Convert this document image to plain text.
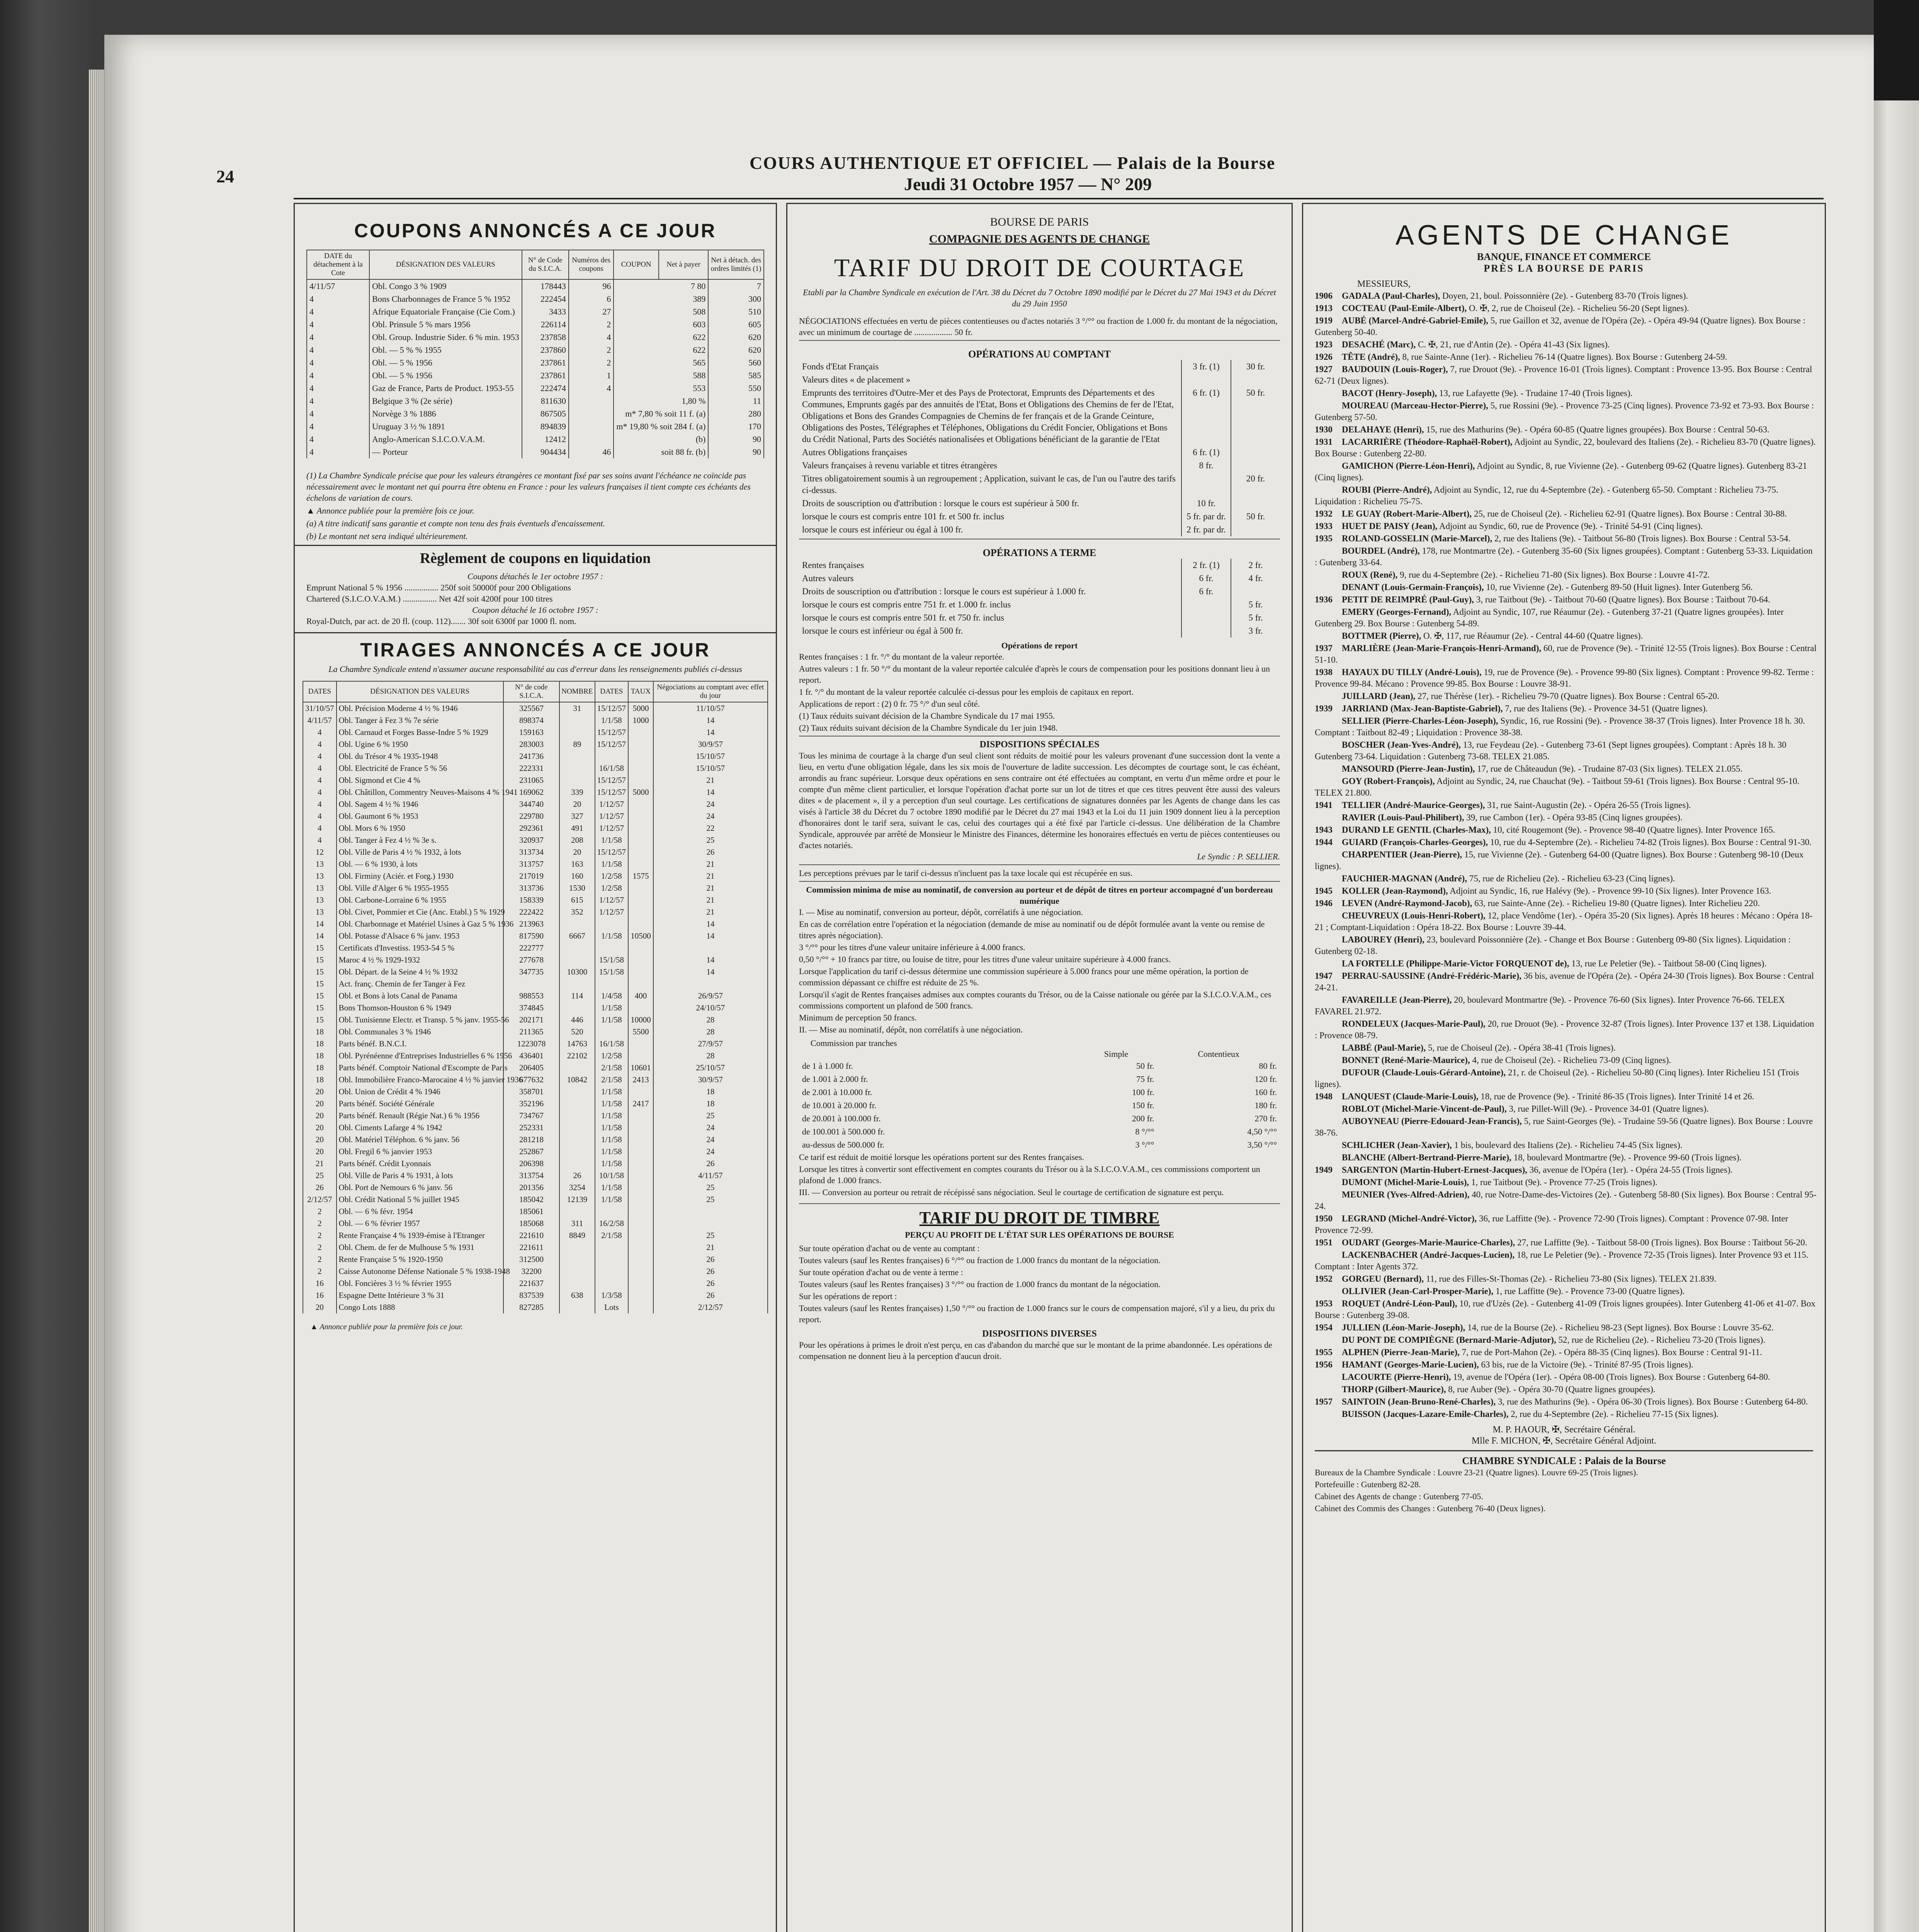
24
COURS AUTHENTIQUE ET OFFICIEL — Palais de la Bourse
Jeudi 31 Octobre 1957 — N° 209
COUPONS ANNONCÉS A CE JOUR
DATE du détachement à la Cote	DÉSIGNATION DES VALEURS	N° de Code du S.I.C.A.	Numéros des coupons	COUPON	Net à payer	Net à détach. des ordres limités (1)
4/11/57	Obl. Congo 3 % 1909	178443	96	7 80		7
4	Bons Charbonnages de France 5 % 1952	222454	6	389		300
4	Afrique Equatoriale Française (Cie Com.)	3433	27	508		510
4	Obl. Prinsule 5 % mars 1956	226114	2	603		605
4	Obl. Group. Industrie Sider. 6 % min. 1953	237858	4	622		620
4	Obl. — 5 % % 1955	237860	2	622		620
4	Obl. — 5 % 1956	237861	2	565		560
4	Obl. — 5 % 1956	237861	1	588		585
4	Gaz de France, Parts de Product. 1953-55	222474	4	553		550
4	Belgique 3 % (2e série)	811630		1,80 %		11
4	Norvège 3 % 1886	867505		m* 7,80 % soit 11 f. (a)		280
4	Uruguay 3 ½ % 1891	894839		m* 19,80 % soit 284 f. (a)		170
4	Anglo-American S.I.C.O.V.A.M.	12412		(b)		90
4	— Porteur	904434	46	soit 88 fr. (b)		90
(1) La Chambre Syndicale précise que pour les valeurs étrangères ce montant fixé par ses soins avant l'échéance ne coïncide pas nécessairement avec le montant net qui pourra être obtenu en France : pour les valeurs françaises il tient compte ces échéants des échelons de variation de cours.
▲ Annonce publiée pour la première fois ce jour.
(a) A titre indicatif sans garantie et compte non tenu des frais éventuels d'encaissement.
(b) Le montant net sera indiqué ultérieurement.
Règlement de coupons en liquidation
Coupons détachés le 1er octobre 1957 :
Emprunt National 5 % 1956 ................ 250f soit 50000f pour 200 Obligations
Chartered (S.I.C.O.V.A.M.) ................ Net 42f soit 4200f pour 100 titres
Coupon détaché le 16 octobre 1957 :
Royal-Dutch, par act. de 20 fl. (coup. 112)....... 30f soit 6300f par 1000 fl. nom.
TIRAGES ANNONCÉS A CE JOUR
La Chambre Syndicale entend n'assumer aucune responsabilité au cas d'erreur dans les renseignements publiés ci-dessus
DATES	DÉSIGNATION DES VALEURS	N° de code S.I.C.A.	NOMBRE	DATES	TAUX	Négociations au comptant avec effet du jour
31/10/57	Obl. Précision Moderne 4 ½ % 1946	325567	31	15/12/57	5000	11/10/57
4/11/57	Obl. Tanger à Fez 3 % 7e série	898374		1/1/58	1000	14
4	Obl. Carnaud et Forges Basse-Indre 5 % 1929	159163		15/12/57		14
4	Obl. Ugine 6 % 1950	283003	89	15/12/57		30/9/57
4	Obl. du Trésor 4 % 1935-1948	241736				15/10/57
4	Obl. Electricité de France 5 % 56	222331		16/1/58		15/10/57
4	Obl. Sigmond et Cie 4 %	231065		15/12/57		21
4	Obl. Châtillon, Commentry Neuves-Maisons 4 % 1941	169062	339	15/12/57	5000	14
4	Obl. Sagem 4 ½ % 1946	344740	20	1/12/57		24
4	Obl. Gaumont 6 % 1953	229780	327	1/12/57		24
4	Obl. Mors 6 % 1950	292361	491	1/12/57		22
4	Obl. Tanger à Fez 4 ½ % 3e s.	320937	208	1/1/58		25
12	Obl. Ville de Paris 4 ½ % 1932, à lots	313734	20	15/12/57		26
13	Obl. — 6 % 1930, à lots	313757	163	1/1/58		21
13	Obl. Firminy (Aciér. et Forg.) 1930	217019	160	1/2/58	1575	21
13	Obl. Ville d'Alger 6 % 1955-1955	313736	1530	1/2/58		21
13	Obl. Carbone-Lorraine 6 % 1955	158339	615	1/12/57		21
13	Obl. Civet, Pommier et Cie (Anc. Etabl.) 5 % 1929	222422	352	1/12/57		21
14	Obl. Charbonnage et Matériel Usines à Gaz 5 % 1936	213963				14
14	Obl. Potasse d'Alsace 6 % janv. 1953	817590	6667	1/1/58	10500	14
15	Certificats d'Investiss. 1953-54 5 %	222777				
15	Maroc 4 ½ % 1929-1932	277678		15/1/58		14
15	Obl. Départ. de la Seine 4 ½ % 1932	347735	10300	15/1/58		14
15	Act. franç. Chemin de fer Tanger à Fez					
15	Obl. et Bons à lots Canal de Panama	988553	114	1/4/58	400	26/9/57
15	Bons Thomson-Houston 6 % 1949	374845		1/1/58		24/10/57
15	Obl. Tunisienne Electr. et Transp. 5 % janv. 1955-56	202171	446	1/1/58	10000	28
18	Obl. Communales 3 % 1946	211365	520		5500	28
18	Parts bénéf. B.N.C.I.	1223078	14763	16/1/58		27/9/57
18	Obl. Pyrénéenne d'Entreprises Industrielles 6 % 1956	436401	22102	1/2/58		28
18	Parts bénéf. Comptoir National d'Escompte de Paris	206405		2/1/58	10601	25/10/57
18	Obl. Immobilière Franco-Marocaine 4 ½ % janvier 1936	677632	10842	2/1/58	2413	30/9/57
20	Obl. Union de Crédit 4 % 1946	358701		1/1/58		18
20	Parts bénéf. Société Générale	352196		1/1/58	2417	18
20	Parts bénéf. Renault (Régie Nat.) 6 % 1956	734767		1/1/58		25
20	Obl. Ciments Lafarge 4 % 1942	252331		1/1/58		24
20	Obl. Matériel Téléphon. 6 % janv. 56	281218		1/1/58		24
20	Obl. Fregil 6 % janvier 1953	252867		1/1/58		24
21	Parts bénéf. Crédit Lyonnais	206398		1/1/58		26
25	Obl. Ville de Paris 4 % 1931, à lots	313754	26	10/1/58		4/11/57
26	Obl. Port de Nemours 6 % janv. 56	201356	3254	1/1/58		25
2/12/57	Obl. Crédit National 5 % juillet 1945	185042	12139	1/1/58		25
2	Obl. — 6 % févr. 1954	185061				
2	Obl. — 6 % février 1957	185068	311	16/2/58		
2	Rente Française 4 % 1939-émise à l'Etranger	221610	8849	2/1/58		25
2	Obl. Chem. de fer de Mulhouse 5 % 1931	221611				21
2	Rente Française 5 % 1920-1950	312500				26
2	Caisse Autonome Défense Nationale 5 % 1938-1948	32200				26
16	Obl. Foncières 3 ½ % février 1955	221637				26
16	Espagne Dette Intérieure 3 % 31	837539	638	1/3/58		26
20	Congo Lots 1888	827285		Lots		2/12/57
▲ Annonce publiée pour la première fois ce jour.
BOURSE DE PARIS
COMPAGNIE DES AGENTS DE CHANGE
TARIF DU DROIT DE COURTAGE
Etabli par la Chambre Syndicale en exécution de l'Art. 38 du Décret du 7 Octobre 1890 modifié par le Décret du 27 Mai 1943 et du Décret du 29 Juin 1950
NÉGOCIATIONS effectuées en vertu de pièces contentieuses ou d'actes notariés 3 °/°° ou fraction de 1.000 fr. du montant de la négociation, avec un minimum de courtage de .................. 50 fr.
OPÉRATIONS AU COMPTANT
Fonds d'Etat Français	3 fr. (1)	30 fr.
Valeurs dites « de placement »		
Emprunts des territoires d'Outre-Mer et des Pays de Protectorat, Emprunts des Départements et des Communes, Emprunts gagés par des annuités de l'Etat, Bons et Obligations des Chemins de fer de l'Etat, Obligations et Bons des Grandes Compagnies de Chemins de fer français et de la Grande Ceinture, Obligations des Postes, Télégraphes et Téléphones, Obligations du Crédit Foncier, Obligations et Bons du Crédit National, Parts des Sociétés nationalisées et Obligations bénéficiant de la garantie de l'Etat	6 fr. (1)	50 fr.
Autres Obligations françaises	6 fr. (1)	
Valeurs françaises à revenu variable et titres étrangères	8 fr.	
Titres obligatoirement soumis à un regroupement ; Application, suivant le cas, de l'un ou l'autre des tarifs ci-dessus.		20 fr.
Droits de souscription ou d'attribution : lorsque le cours est supérieur à 500 fr.	10 fr.	
lorsque le cours est compris entre 101 fr. et 500 fr. inclus	5 fr. par dr.	50 fr.
lorsque le cours est inférieur ou égal à 100 fr.	2 fr. par dr.	
OPÉRATIONS A TERME
Rentes françaises	2 fr. (1)	2 fr.
Autres valeurs	6 fr.	4 fr.
Droits de souscription ou d'attribution : lorsque le cours est supérieur à 1.000 fr.	6 fr.	
lorsque le cours est compris entre 751 fr. et 1.000 fr. inclus		5 fr.
lorsque le cours est compris entre 501 fr. et 750 fr. inclus		5 fr.
lorsque le cours est inférieur ou égal à 500 fr.		3 fr.
Opérations de report
Rentes françaises : 1 fr. °/° du montant de la valeur reportée.
Autres valeurs : 1 fr. 50 °/° du montant de la valeur reportée calculée d'après le cours de compensation pour les positions donnant lieu à un report.
1 fr. °/° du montant de la valeur reportée calculée ci-dessus pour les emplois de capitaux en report.
Applications de report : (2) 0 fr. 75 °/° d'un seul côté.
(1) Taux réduits suivant décision de la Chambre Syndicale du 17 mai 1955.
(2) Taux réduits suivant décision de la Chambre Syndicale du 1er juin 1948.
DISPOSITIONS SPÉCIALES
Tous les minima de courtage à la charge d'un seul client sont réduits de moitié pour les valeurs provenant d'une succession dont la vente a lieu, en vertu d'une obligation légale, dans les six mois de l'ouverture de ladite succession. Les décomptes de courtage sont, le cas échéant, arrondis au franc supérieur. Lorsque deux opérations en sens contraire ont été effectuées au comptant, en vertu d'un même ordre et pour le compte d'un même client particulier, et lorsque l'opération d'achat porte sur un lot de titres et que ces titres peuvent être aussi des valeurs dites « de placement », il y a perception d'un seul courtage. Les certifications de signatures données par les Agents de change dans les cas visés à l'article 38 du Décret du 7 octobre 1890 modifié par le Décret du 27 mai 1943 et la Loi du 11 juin 1909 donnent lieu à la perception d'honoraires dont le tarif sera, suivant le cas, celui des courtages qui a été fixé par l'article ci-dessus. Une délibération de la Chambre Syndicale, approuvée par arrêté de Monsieur le Ministre des Finances, détermine les honoraires effectués en vertu de pièces contentieuses ou d'actes notariés.
Le Syndic : P. SELLIER.
Les perceptions prévues par le tarif ci-dessus n'incluent pas la taxe locale qui est récupérée en sus.
Commission minima de mise au nominatif, de conversion au porteur et de dépôt de titres en porteur accompagné d'un bordereau numérique
I. — Mise au nominatif, conversion au porteur, dépôt, corrélatifs à une négociation.
En cas de corrélation entre l'opération et la négociation (demande de mise au nominatif ou de dépôt formulée avant la vente ou remise de titres après négociation).
3 °/°° pour les titres d'une valeur unitaire inférieure à 4.000 francs.
0,50 °/°° + 10 francs par titre, ou louise de titre, pour les titres d'une valeur unitaire supérieure à 4.000 francs.
Lorsque l'application du tarif ci-dessus détermine une commission supérieure à 5.000 francs pour une même opération, la portion de commission dépassant ce chiffre est réduite de 25 %.
Lorsqu'il s'agit de Rentes françaises admises aux comptes courants du Trésor, ou de la Caisse nationale ou gérée par la S.I.C.O.V.A.M., ces commissions comportent un plafond de 500 francs.
Minimum de perception 50 francs.
II. — Mise au nominatif, dépôt, non corrélatifs à une négociation.
Commission par tranches
		Simple	Contentieux
de 1 à 1.000 fr.		50 fr.	80 fr.
de 1.001 à 2.000 fr.		75 fr.	120 fr.
de 2.001 à 10.000 fr.		100 fr.	160 fr.
de 10.001 à 20.000 fr.		150 fr.	180 fr.
de 20.001 à 100.000 fr.		200 fr.	270 fr.
de 100.001 à 500.000 fr.		8 °/°°	4,50 °/°°
au-dessus de 500.000 fr.		3 °/°°	3,50 °/°°
Ce tarif est réduit de moitié lorsque les opérations portent sur des Rentes françaises.
Lorsque les titres à convertir sont effectivement en comptes courants du Trésor ou à la S.I.C.O.V.A.M., ces commissions comportent un plafond de 1.000 francs.
III. — Conversion au porteur ou retrait de récépissé sans négociation. Seul le courtage de certification de signature est perçu.
TARIF DU DROIT DE TIMBRE
PERÇU AU PROFIT DE L'ÉTAT SUR LES OPÉRATIONS DE BOURSE
Sur toute opération d'achat ou de vente au comptant :
Toutes valeurs (sauf les Rentes françaises) 6 °/°° ou fraction de 1.000 francs du montant de la négociation.
Sur toute opération d'achat ou de vente à terme :
Toutes valeurs (sauf les Rentes françaises) 3 °/°° ou fraction de 1.000 francs du montant de la négociation.
Sur les opérations de report :
Toutes valeurs (sauf les Rentes françaises) 1,50 °/°° ou fraction de 1.000 francs sur le cours de compensation majoré, s'il y a lieu, du prix du report.
DISPOSITIONS DIVERSES
Pour les opérations à primes le droit n'est perçu, en cas d'abandon du marché que sur le montant de la prime abandonnée. Les opérations de compensation ne donnent lieu à la perception d'aucun droit.
AGENTS DE CHANGE
BANQUE, FINANCE ET COMMERCE
PRÈS LA BOURSE DE PARIS
MESSIEURS,
1906 GADALA (Paul-Charles), Doyen, 21, boul. Poissonnière (2e). - Gutenberg 83-70 (Trois lignes).
1913 COCTEAU (Paul-Emile-Albert), O. ✠, 2, rue de Choiseul (2e). - Richelieu 56-20 (Sept lignes).
1919 AUBÉ (Marcel-André-Gabriel-Emile), 5, rue Gaillon et 32, avenue de l'Opéra (2e). - Opéra 49-94 (Quatre lignes). Box Bourse : Gutenberg 50-40.
1923 DESACHÉ (Marc), C. ✠, 21, rue d'Antin (2e). - Opéra 41-43 (Six lignes).
1926 TÊTE (André), 8, rue Sainte-Anne (1er). - Richelieu 76-14 (Quatre lignes). Box Bourse : Gutenberg 24-59.
1927 BAUDOUIN (Louis-Roger), 7, rue Drouot (9e). - Provence 16-01 (Trois lignes). Comptant : Provence 13-95. Box Bourse : Central 62-71 (Deux lignes).
BACOT (Henry-Joseph), 13, rue Lafayette (9e). - Trudaine 17-40 (Trois lignes).
MOUREAU (Marceau-Hector-Pierre), 5, rue Rossini (9e). - Provence 73-25 (Cinq lignes). Provence 73-92 et 73-93. Box Bourse : Gutenberg 57-50.
1930 DELAHAYE (Henri), 15, rue des Mathurins (9e). - Opéra 60-85 (Quatre lignes groupées). Box Bourse : Central 50-63.
1931 LACARRIÈRE (Théodore-Raphaël-Robert), Adjoint au Syndic, 22, boulevard des Italiens (2e). - Richelieu 83-70 (Quatre lignes). Box Bourse : Gutenberg 22-80.
GAMICHON (Pierre-Léon-Henri), Adjoint au Syndic, 8, rue Vivienne (2e). - Gutenberg 09-62 (Quatre lignes). Gutenberg 83-21 (Cinq lignes).
ROUBI (Pierre-André), Adjoint au Syndic, 12, rue du 4-Septembre (2e). - Gutenberg 65-50. Comptant : Richelieu 73-75. Liquidation : Richelieu 75-75.
1932 LE GUAY (Robert-Marie-Albert), 25, rue de Choiseul (2e). - Richelieu 62-91 (Quatre lignes). Box Bourse : Central 30-88.
1933 HUET DE PAISY (Jean), Adjoint au Syndic, 60, rue de Provence (9e). - Trinité 54-91 (Cinq lignes).
1935 ROLAND-GOSSELIN (Marie-Marcel), 2, rue des Italiens (9e). - Taitbout 56-80 (Trois lignes). Box Bourse : Central 53-54.
BOURDEL (André), 178, rue Montmartre (2e). - Gutenberg 35-60 (Six lignes groupées). Comptant : Gutenberg 53-33. Liquidation : Gutenberg 33-64.
ROUX (René), 9, rue du 4-Septembre (2e). - Richelieu 71-80 (Six lignes). Box Bourse : Louvre 41-72.
DENANT (Louis-Germain-François), 10, rue Vivienne (2e). - Gutenberg 89-50 (Huit lignes). Inter Gutenberg 56.
1936 PETIT DE REIMPRÉ (Paul-Guy), 3, rue Taitbout (9e). - Taitbout 70-60 (Quatre lignes). Box Bourse : Taitbout 70-64.
EMERY (Georges-Fernand), Adjoint au Syndic, 107, rue Réaumur (2e). - Gutenberg 37-21 (Quatre lignes groupées). Inter Gutenberg 29. Box Bourse : Gutenberg 54-89.
BOTTMER (Pierre), O. ✠, 117, rue Réaumur (2e). - Central 44-60 (Quatre lignes).
1937 MARLIÈRE (Jean-Marie-François-Henri-Armand), 60, rue de Provence (9e). - Trinité 12-55 (Trois lignes). Box Bourse : Central 51-10.
1938 HAYAUX DU TILLY (André-Louis), 19, rue de Provence (9e). - Provence 99-80 (Six lignes). Comptant : Provence 99-82. Terme : Provence 99-84. Mécano : Provence 99-85. Box Bourse : Louvre 38-91.
JUILLARD (Jean), 27, rue Thérèse (1er). - Richelieu 79-70 (Quatre lignes). Box Bourse : Central 65-20.
1939 JARRIAND (Max-Jean-Baptiste-Gabriel), 7, rue des Italiens (9e). - Provence 34-51 (Quatre lignes).
SELLIER (Pierre-Charles-Léon-Joseph), Syndic, 16, rue Rossini (9e). - Provence 38-37 (Trois lignes). Inter Provence 18 h. 30. Comptant : Taitbout 82-49 ; Liquidation : Provence 38-38.
BOSCHER (Jean-Yves-André), 13, rue Feydeau (2e). - Gutenberg 73-61 (Sept lignes groupées). Comptant : Après 18 h. 30 Gutenberg 73-64. Liquidation : Gutenberg 73-68. TELEX 21.085.
MANSOURD (Pierre-Jean-Justin), 17, rue de Châteaudun (9e). - Trudaine 87-03 (Six lignes). TELEX 21.055.
GOY (Robert-François), Adjoint au Syndic, 24, rue Chauchat (9e). - Taitbout 59-61 (Trois lignes). Box Bourse : Central 95-10. TELEX 21.800.
1941 TELLIER (André-Maurice-Georges), 31, rue Saint-Augustin (2e). - Opéra 26-55 (Trois lignes).
RAVIER (Louis-Paul-Philibert), 39, rue Cambon (1er). - Opéra 93-85 (Cinq lignes groupées).
1943 DURAND LE GENTIL (Charles-Max), 10, cité Rougemont (9e). - Provence 98-40 (Quatre lignes). Inter Provence 165.
1944 GUIARD (François-Charles-Georges), 10, rue du 4-Septembre (2e). - Richelieu 74-82 (Trois lignes). Box Bourse : Central 91-30.
CHARPENTIER (Jean-Pierre), 15, rue Vivienne (2e). - Gutenberg 64-00 (Quatre lignes). Box Bourse : Gutenberg 98-10 (Deux lignes).
FAUCHIER-MAGNAN (André), 75, rue de Richelieu (2e). - Richelieu 63-23 (Cinq lignes).
1945 KOLLER (Jean-Raymond), Adjoint au Syndic, 16, rue Halévy (9e). - Provence 99-10 (Six lignes). Inter Provence 163.
1946 LEVEN (André-Raymond-Jacob), 63, rue Sainte-Anne (2e). - Richelieu 19-80 (Quatre lignes). Inter Richelieu 220.
CHEUVREUX (Louis-Henri-Robert), 12, place Vendôme (1er). - Opéra 35-20 (Six lignes). Après 18 heures : Mécano : Opéra 18-21 ; Comptant-Liquidation : Opéra 18-22. Box Bourse : Louvre 39-44.
LABOUREY (Henri), 23, boulevard Poissonnière (2e). - Change et Box Bourse : Gutenberg 09-80 (Six lignes). Liquidation : Gutenberg 02-18.
LA FORTELLE (Philippe-Marie-Victor FORQUENOT de), 13, rue Le Peletier (9e). - Taitbout 58-00 (Cinq lignes).
1947 PERRAU-SAUSSINE (André-Frédéric-Marie), 36 bis, avenue de l'Opéra (2e). - Opéra 24-30 (Trois lignes). Box Bourse : Central 24-21.
FAVAREILLE (Jean-Pierre), 20, boulevard Montmartre (9e). - Provence 76-60 (Six lignes). Inter Provence 76-66. TELEX FAVAREL 21.972.
RONDELEUX (Jacques-Marie-Paul), 20, rue Drouot (9e). - Provence 32-87 (Trois lignes). Inter Provence 137 et 138. Liquidation : Provence 08-79.
LABBÉ (Paul-Marie), 5, rue de Choiseul (2e). - Opéra 38-41 (Trois lignes).
BONNET (René-Marie-Maurice), 4, rue de Choiseul (2e). - Richelieu 73-09 (Cinq lignes).
DUFOUR (Claude-Louis-Gérard-Antoine), 21, r. de Choiseul (2e). - Richelieu 50-80 (Cinq lignes). Inter Richelieu 151 (Trois lignes).
1948 LANQUEST (Claude-Marie-Louis), 18, rue de Provence (9e). - Trinité 86-35 (Trois lignes). Inter Trinité 14 et 26.
ROBLOT (Michel-Marie-Vincent-de-Paul), 3, rue Pillet-Will (9e). - Provence 34-01 (Quatre lignes).
AUBOYNEAU (Pierre-Edouard-Jean-Francis), 5, rue Saint-Georges (9e). - Trudaine 59-56 (Quatre lignes). Box Bourse : Louvre 38-76.
SCHLICHER (Jean-Xavier), 1 bis, boulevard des Italiens (2e). - Richelieu 74-45 (Six lignes).
BLANCHE (Albert-Bertrand-Pierre-Marie), 18, boulevard Montmartre (9e). - Provence 99-60 (Trois lignes).
1949 SARGENTON (Martin-Hubert-Ernest-Jacques), 36, avenue de l'Opéra (1er). - Opéra 24-55 (Trois lignes).
DUMONT (Michel-Marie-Louis), 1, rue Taitbout (9e). - Provence 77-25 (Trois lignes).
MEUNIER (Yves-Alfred-Adrien), 40, rue Notre-Dame-des-Victoires (2e). - Gutenberg 58-80 (Six lignes). Box Bourse : Central 95-24.
1950 LEGRAND (Michel-André-Victor), 36, rue Laffitte (9e). - Provence 72-90 (Trois lignes). Comptant : Provence 07-98. Inter Provence 72-99.
1951 OUDART (Georges-Marie-Maurice-Charles), 27, rue Laffitte (9e). - Taitbout 58-00 (Trois lignes). Box Bourse : Taitbout 56-20.
LACKENBACHER (André-Jacques-Lucien), 18, rue Le Peletier (9e). - Provence 72-35 (Trois lignes). Inter Provence 93 et 115. Comptant : Inter Agents 372.
1952 GORGEU (Bernard), 11, rue des Filles-St-Thomas (2e). - Richelieu 73-80 (Six lignes). TELEX 21.839.
OLLIVIER (Jean-Carl-Prosper-Marie), 1, rue Laffitte (9e). - Provence 73-00 (Quatre lignes).
1953 ROQUET (André-Léon-Paul), 10, rue d'Uzès (2e). - Gutenberg 41-09 (Trois lignes groupées). Inter Gutenberg 41-06 et 41-07. Box Bourse : Gutenberg 39-08.
1954 JULLIEN (Léon-Marie-Joseph), 14, rue de la Bourse (2e). - Richelieu 98-23 (Sept lignes). Box Bourse : Louvre 35-62.
DU PONT DE COMPIÈGNE (Bernard-Marie-Adjutor), 52, rue de Richelieu (2e). - Richelieu 73-20 (Trois lignes).
1955 ALPHEN (Pierre-Jean-Marie), 7, rue de Port-Mahon (2e). - Opéra 88-35 (Cinq lignes). Box Bourse : Central 91-11.
1956 HAMANT (Georges-Marie-Lucien), 63 bis, rue de la Victoire (9e). - Trinité 87-95 (Trois lignes).
LACOURTE (Pierre-Henri), 19, avenue de l'Opéra (1er). - Opéra 08-00 (Trois lignes). Box Bourse : Gutenberg 64-80.
THORP (Gilbert-Maurice), 8, rue Auber (9e). - Opéra 30-70 (Quatre lignes groupées).
1957 SAINTOIN (Jean-Bruno-René-Charles), 3, rue des Mathurins (9e). - Opéra 06-30 (Trois lignes). Box Bourse : Gutenberg 64-80.
BUISSON (Jacques-Lazare-Emile-Charles), 2, rue du 4-Septembre (2e). - Richelieu 77-15 (Six lignes).
M. P. HAOUR, ✠, Secrétaire Général.
Mlle F. MICHON, ✠, Secrétaire Général Adjoint.
CHAMBRE SYNDICALE : Palais de la Bourse
Bureaux de la Chambre Syndicale : Louvre 23-21 (Quatre lignes). Louvre 69-25 (Trois lignes).
Portefeuille : Gutenberg 82-28.
Cabinet des Agents de change : Gutenberg 77-05.
Cabinet des Commis des Changes : Gutenberg 76-40 (Deux lignes).
